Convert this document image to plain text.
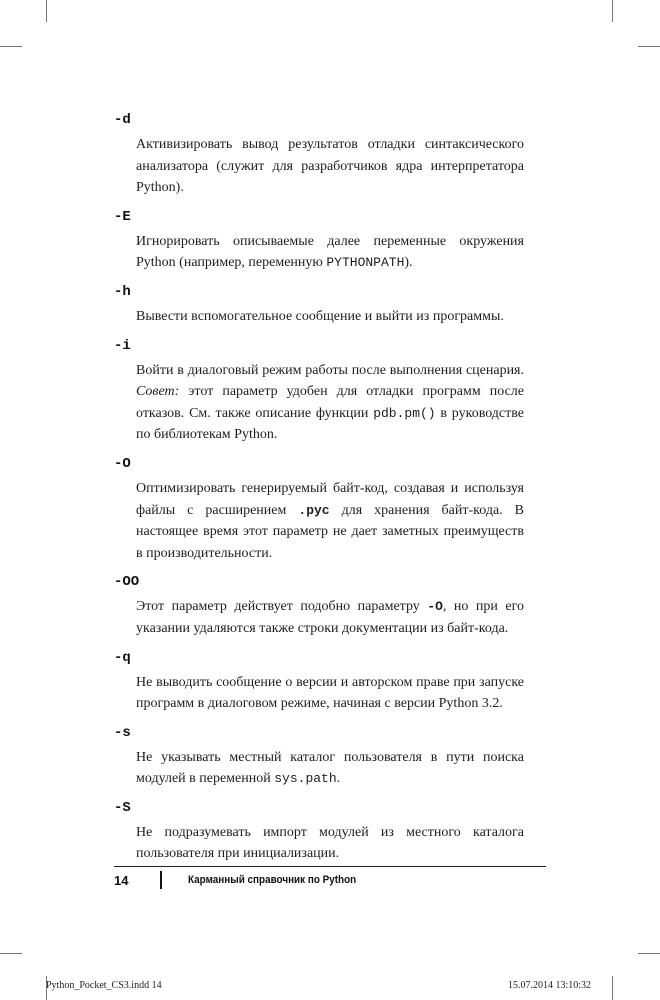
-d
Активизировать вывод результатов отладки синтаксического анализатора (служит для разработчиков ядра интерпретатора Python).
-E
Игнорировать описываемые далее переменные окружения Python (например, переменную PYTHONPATH).
-h
Вывести вспомогательное сообщение и выйти из программы.
-i
Войти в диалоговый режим работы после выполнения сценария. Совет: этот параметр удобен для отладки программ после отказов. См. также описание функции pdb.pm() в руководстве по библиотекам Python.
-O
Оптимизировать генерируемый байт-код, создавая и используя файлы с расширением .pyc для хранения байт-кода. В настоящее время этот параметр не дает заметных преимуществ в производительности.
-OO
Этот параметр действует подобно параметру -O, но при его указании удаляются также строки документации из байт-кода.
-q
Не выводить сообщение о версии и авторском праве при запуске программ в диалоговом режиме, начиная с версии Python 3.2.
-s
Не указывать местный каталог пользователя в пути поиска модулей в переменной sys.path.
-S
Не подразумевать импорт модулей из местного каталога пользователя при инициализации.
14	Карманный справочник по Python
Python_Pocket_CS3.indd 14	15.07.2014 13:10:32
